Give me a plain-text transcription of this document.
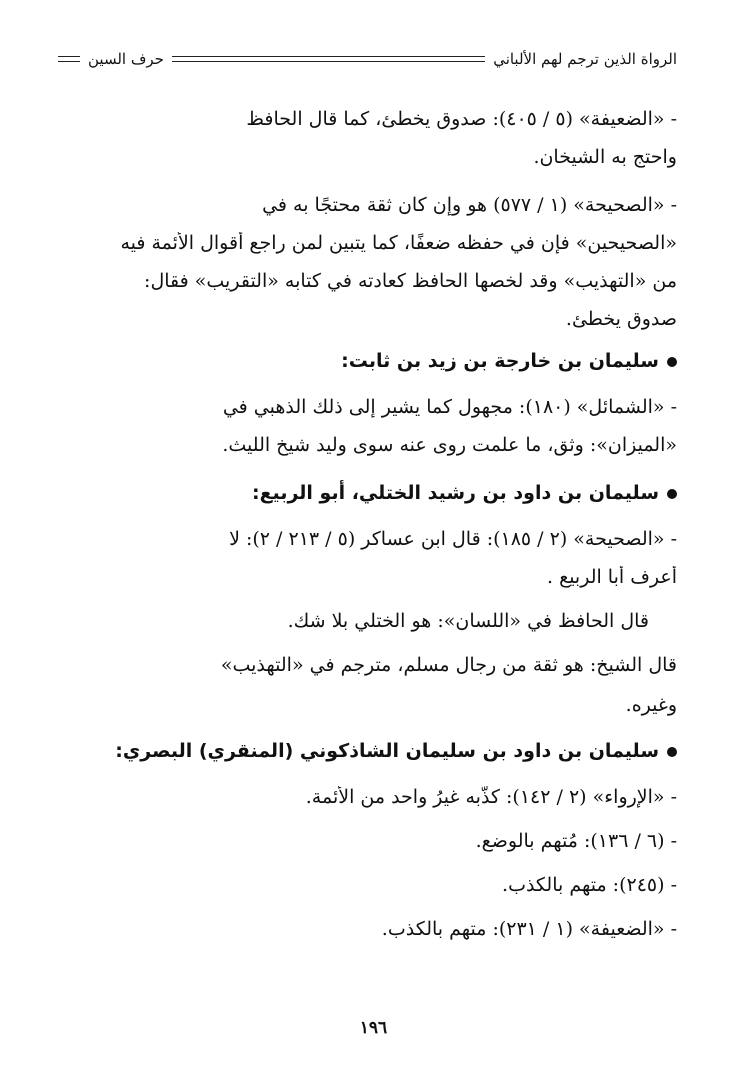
الرواة الذين ترجم لهم الألباني
حرف السين
- «الضعيفة» (٥ / ٤٠٥): صدوق يخطئ، كما قال الحافظ
واحتج به الشيخان.
- «الصحيحة» (١ / ٥٧٧) هو وإن كان ثقة محتجًا به في
«الصحيحين» فإن في حفظه ضعفًا، كما يتبين لمن راجع أقوال الأئمة فيه
من «التهذيب» وقد لخصها الحافظ كعادته في كتابه «التقريب» فقال:
صدوق يخطئ.
سليمان بن خارجة بن زيد بن ثابت:
- «الشمائل» (١٨٠): مجهول كما يشير إلى ذلك الذهبي في
«الميزان»: وثق، ما علمت روى عنه سوى وليد شيخ الليث.
سليمان بن داود بن رشيد الختلي، أبو الربيع:
- «الصحيحة» (٢ / ١٨٥): قال ابن عساكر (٥ / ٢١٣ / ٢): لا
أعرف أبا الربيع .
قال الحافظ في «اللسان»: هو الختلي بلا شك.
قال الشيخ: هو ثقة من رجال مسلم، مترجم في «التهذيب»
وغيره.
سليمان بن داود بن سليمان الشاذكوني (المنقري) البصري:
- «الإرواء» (٢ / ١٤٢): كذّبه غيرُ واحد من الأئمة.
- (٦ / ١٣٦): مُتهم بالوضع.
- (٢٤٥): متهم بالكذب.
- «الضعيفة» (١ / ٢٣١): متهم بالكذب.
١٩٦
